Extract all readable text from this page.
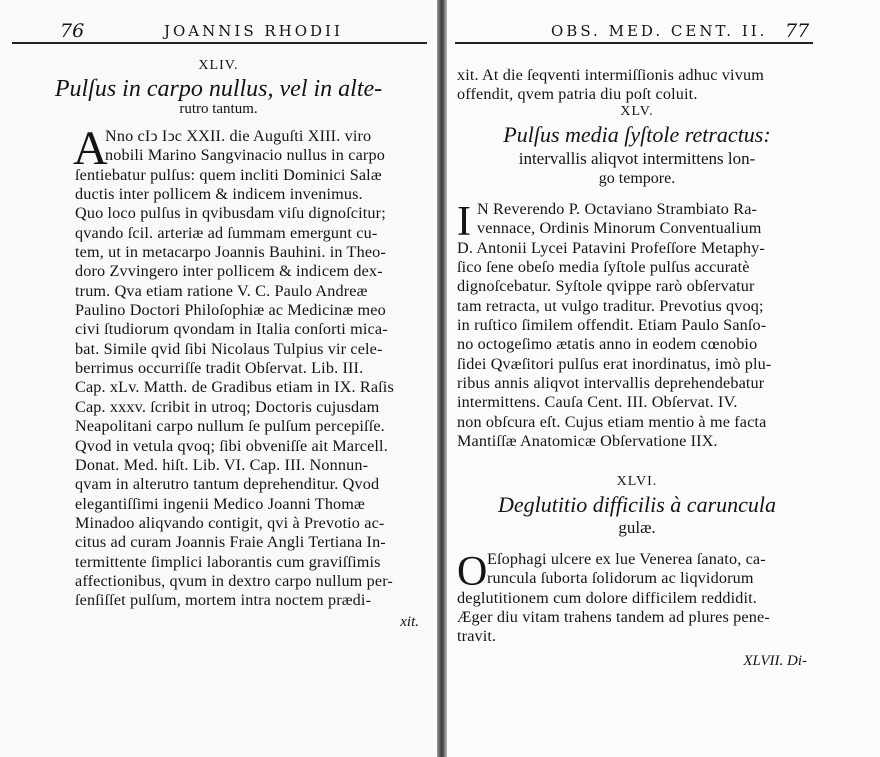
76	JOANNIS RHODII

XLIV.

Pulſus in carpo nullus, vel in alte-

rutro tantum.

A

Nno cIↄ Iↄc XXII. die Auguſti XIII. viro

nobili Marino Sangvinacio nullus in carpo

ſentiebatur pulſus: quem incliti Dominici Salæ

ductis inter pollicem & indicem invenimus.

Quo loco pulſus in qvibusdam viſu dignoſcitur;

qvando ſcil. arteriæ ad ſummam emergunt cu-

tem, ut in metacarpo Joannis Bauhini. in Theo-

doro Zvvingero inter pollicem & indicem dex-

trum. Qva etiam ratione V. C. Paulo Andreæ

Paulino Doctori Philoſophiæ ac Medicinæ meo

civi ſtudiorum qvondam in Italia conſorti mica-

bat. Simile qvid ſibi Nicolaus Tulpius vir cele-

berrimus occurriſſe tradit Obſervat. Lib. III.

Cap. xLv. Matth. de Gradibus etiam in IX. Raſis

Cap. xxxv. ſcribit in utroq; Doctoris cujusdam

Neapolitani carpo nullum ſe pulſum percepiſſe.

Qvod in vetula qvoq; ſibi obveniſſe ait Marcell.

Donat. Med. hiſt. Lib. VI. Cap. III. Nonnun-

qvam in alterutro tantum deprehenditur. Qvod

elegantiſſimi ingenii Medico Joanni Thomæ

Minadoo aliqvando contigit, qvi à Prevotio ac-

citus ad curam Joannis Fraie Angli Tertiana In-

termittente ſimplici laborantis cum graviſſimis

affectionibus, qvum in dextro carpo nullum per-

ſenſiſſet pulſum, mortem intra noctem prædi-

xit.

OBS. MED. CENT. II. 77

xit. At die ſeqventi intermiſſionis adhuc vivum

offendit, qvem patria diu poſt coluit.

XLV.

Pulſus media ſyſtole retractus:

intervallis aliqvot intermittens lon-

go tempore.

I N Reverendo P. Octaviano Strambiato Ra-

vennace, Ordinis Minorum Conventualium

D. Antonii Lycei Patavini Profeſſore Metaphy-

ſico ſene obeſo media ſyſtole pulſus accuratè

dignoſcebatur. Syſtole qvippe rarò obſervatur

tam retracta, ut vulgo traditur. Prevotius qvoq;

in ruſtico ſimilem offendit. Etiam Paulo Sanſo-

no octogeſimo ætatis anno in eodem cœnobio

ſidei Qvæſitori pulſus erat inordinatus, imò plu-

ribus annis aliqvot intervallis deprehendebatur

intermittens. Cauſa Cent. III. Obſervat. IV.

non obſcura eſt. Cujus etiam mentio à me facta

Mantiſſæ Anatomicæ Obſervatione IIX.

XLVI.

Deglutitio difficilis à caruncula

gulæ.

O Eſophagi ulcere ex lue Venerea ſanato, ca-

runcula ſuborta ſolidorum ac liqvidorum

deglutitionem cum dolore difficilem reddidit.

Æger diu vitam trahens tandem ad plures pene-

travit.

XLVII. Di-
